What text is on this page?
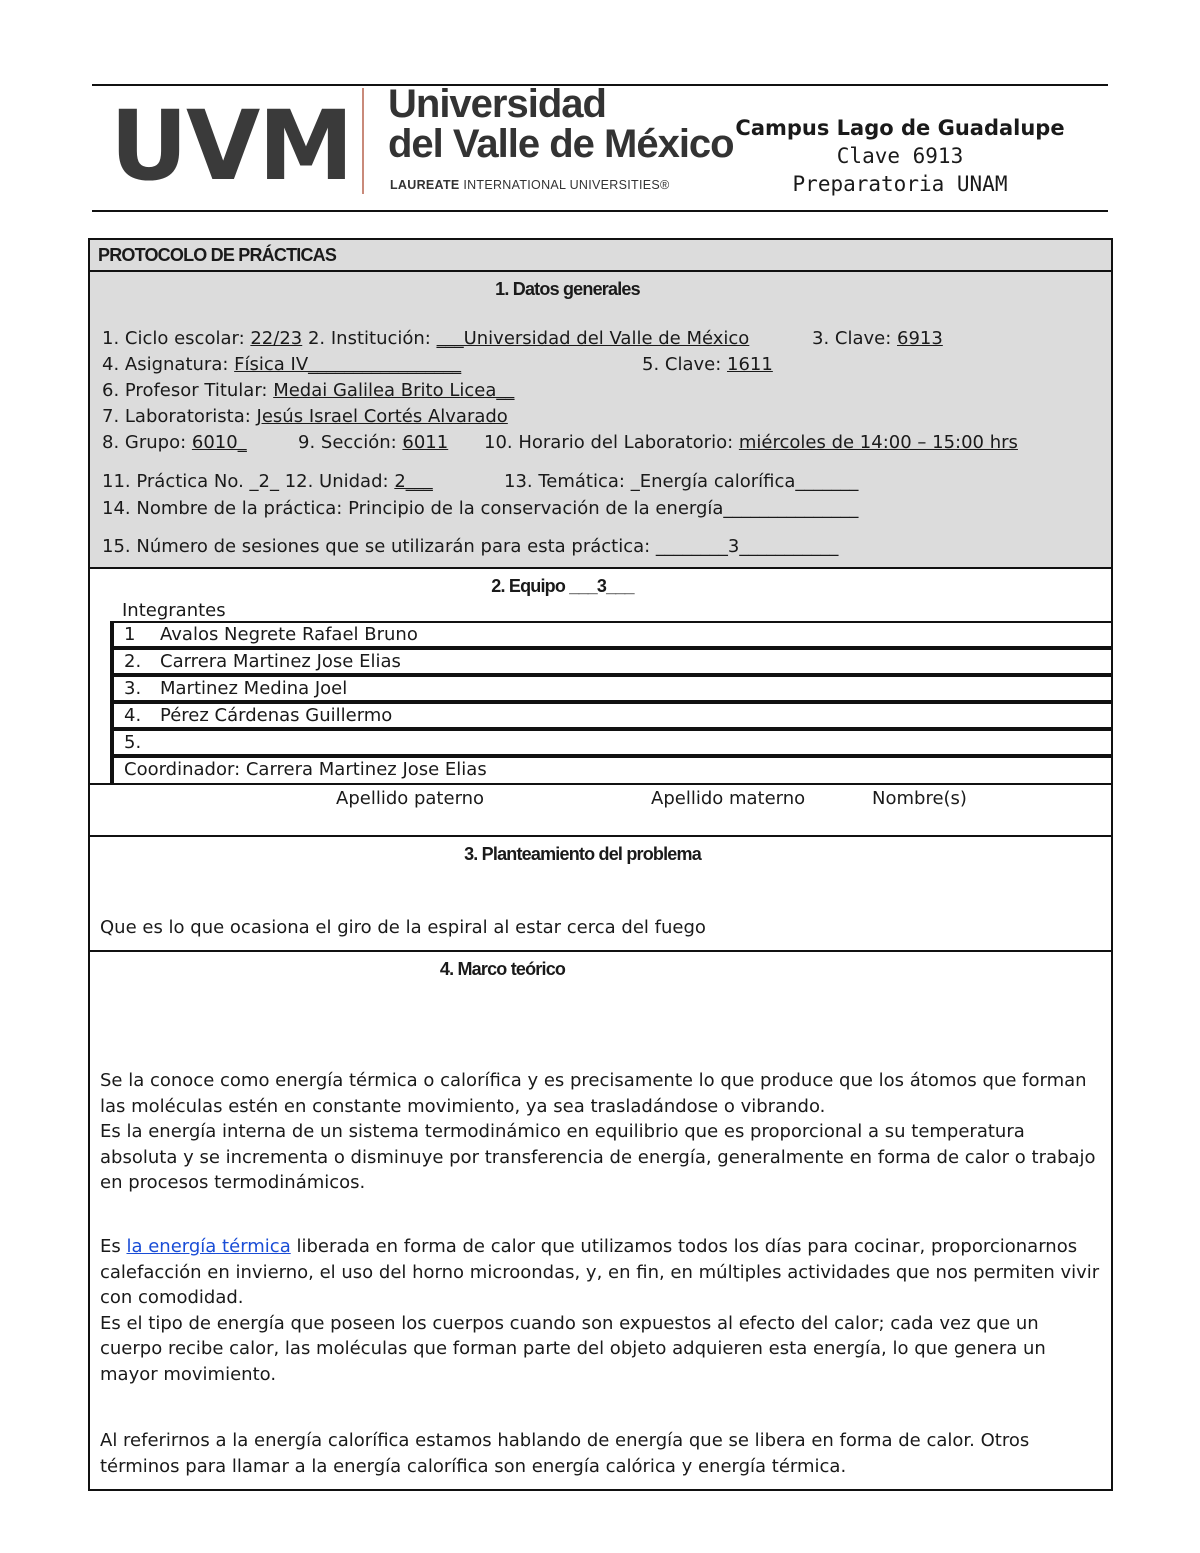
UVM Universidad
del Valle de México
LAUREATE INTERNATIONAL UNIVERSITIES®
Campus Lago de Guadalupe
Clave 6913
Preparatoria UNAM
PROTOCOLO DE PRÁCTICAS
1. Datos generales
1. Ciclo escolar: 22/23 2. Institución: ___Universidad del Valle de México	3. Clave: 6913
4. Asignatura: Física IV_________________	5. Clave: 1611
6. Profesor Titular: Medai Galilea Brito Licea__
7. Laboratorista: Jesús Israel Cortés Alvarado
8. Grupo: 6010_	9. Sección: 6011 10. Horario del Laboratorio: miércoles de 14:00 – 15:00 hrs
11. Práctica No. _2_ 12. Unidad: 2___	13. Temática: _Energía calorífica_______
14. Nombre de la práctica: Principio de la conservación de la energía_______________
15. Número de sesiones que se utilizarán para esta práctica: ________3___________
2. Equipo ___3___
Integrantes
1 Avalos Negrete Rafael Bruno
2. Carrera Martinez Jose Elias
3. Martinez Medina Joel
4. Pérez Cárdenas Guillermo
5.
Coordinador: Carrera Martinez Jose Elias
Apellido paterno	Apellido materno	Nombre(s)
3. Planteamiento del problema
Que es lo que ocasiona el giro de la espiral al estar cerca del fuego
4. Marco teórico
Se la conoce como energía térmica o calorífica y es precisamente lo que produce que los átomos que forman las moléculas estén en constante movimiento, ya sea trasladándose o vibrando.
Es la energía interna de un sistema termodinámico en equilibrio que es proporcional a su temperatura absoluta y se incrementa o disminuye por transferencia de energía, generalmente en forma de calor o trabajo en procesos termodinámicos.
Es la energía térmica liberada en forma de calor que utilizamos todos los días para cocinar, proporcionarnos calefacción en invierno, el uso del horno microondas, y, en fin, en múltiples actividades que nos permiten vivir con comodidad.
Es el tipo de energía que poseen los cuerpos cuando son expuestos al efecto del calor; cada vez que un cuerpo recibe calor, las moléculas que forman parte del objeto adquieren esta energía, lo que genera un mayor movimiento.
Al referirnos a la energía calorífica estamos hablando de energía que se libera en forma de calor. Otros términos para llamar a la energía calorífica son energía calórica y energía térmica.
